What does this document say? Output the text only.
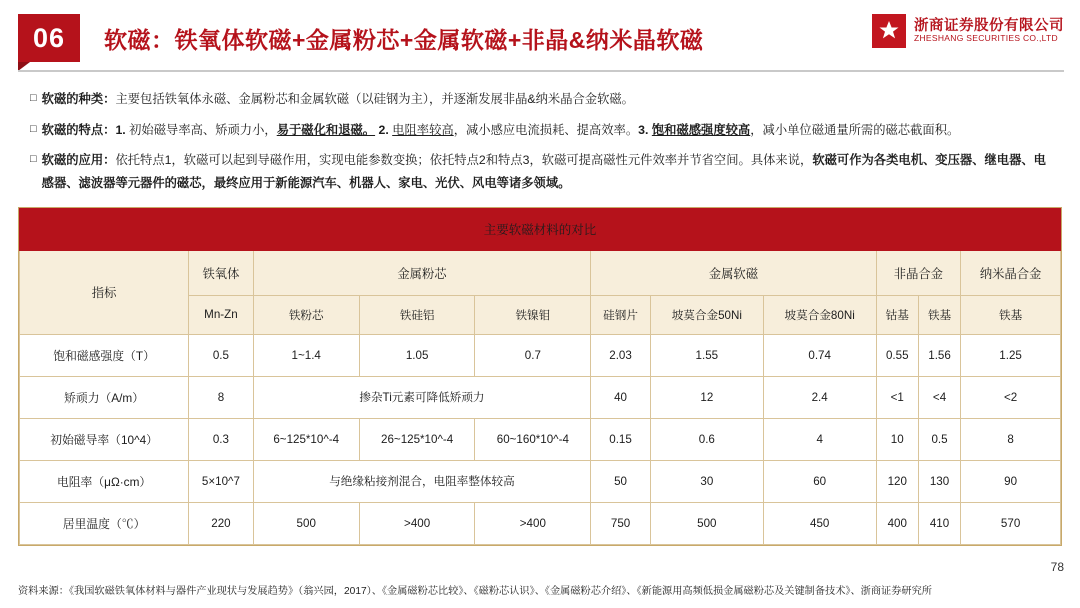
06	软磁：铁氧体软磁+金属粉芯+金属软磁+非晶&纳米晶软磁
浙商证券股份有限公司
ZHESHANG SECURITIES CO.,LTD
□ 软磁的种类：主要包括铁氧体永磁、金属粉芯和金属软磁（以硅钢为主），并逐渐发展非晶&纳米晶合金软磁。
□ 软磁的特点：1. 初始磁导率高、矫顽力小，易于磁化和退磁。 2. 电阻率较高，减小感应电流损耗、提高效率。3. 饱和磁感强度较高，减小单位磁通量所需的磁芯截面积。
□ 软磁的应用：依托特点1，软磁可以起到导磁作用，实现电能参数变换；依托特点2和特点3，软磁可提高磁性元件效率并节省空间。具体来说，软磁可作为各类电机、变压器、继电器、电感器、滤波器等元器件的磁芯，最终应用于新能源汽车、机器人、家电、光伏、风电等诸多领域。
主要软磁材料的对比										
指标	铁氧体	金属粉芯			金属软磁			非晶合金		纳米晶合金
	Mn-Zn	铁粉芯	铁硅铝	铁镍钼	硅钢片	坡莫合金50Ni	坡莫合金80Ni	钴基	铁基	铁基
饱和磁感强度（T）	0.5	1~1.4	1.05	0.7	2.03	1.55	0.74	0.55	1.56	1.25
矫顽力（A/m）	8	掺杂Ti元素可降低矫顽力			40	12	2.4	<1	<4	<2
初始磁导率（10^4）	0.3	6~125*10^-4	26~125*10^-4	60~160*10^-4	0.15	0.6	4	10	0.5	8
电阻率（μΩ·cm）	5×10^7	与绝缘粘接剂混合，电阻率整体较高			50	30	60	120	130	90
居里温度（℃）	220	500	>400	>400	750	500	450	400	410	570
资料来源：《我国软磁铁氧体材料与器件产业现状与发展趋势》（翁兴园，2017）、《金属磁粉芯比较》、《磁粉芯认识》、《金属磁粉芯介绍》、《新能源用高频低损金属磁粉芯及关键制备技术》、浙商证券研究所
78
